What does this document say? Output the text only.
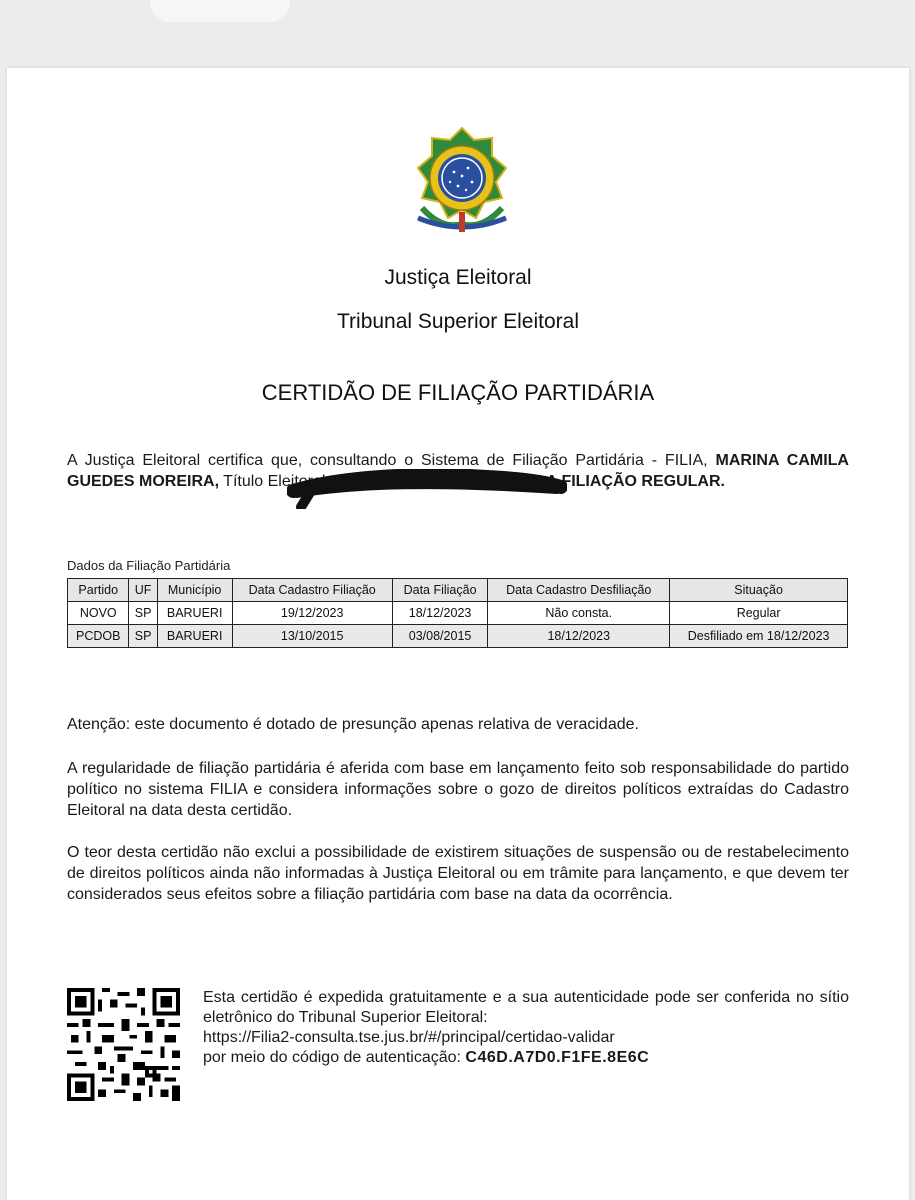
Justiça Eleitoral
Tribunal Superior Eleitoral
CERTIDÃO DE FILIAÇÃO PARTIDÁRIA
A Justiça Eleitoral certifica que, consultando o Sistema de Filiação Partidária - FILIA, MARINA CAMILA GUEDES MOREIRA, Título Eleitoral: 3304 6369 0116, ESTÁ COM A FILIAÇÃO REGULAR.
Dados da Filiação Partidária
Partido	UF	Município	Data Cadastro Filiação	Data Filiação	Data Cadastro Desfiliação	Situação
NOVO	SP	BARUERI	19/12/2023	18/12/2023	Não consta.	Regular
PCDOB	SP	BARUERI	13/10/2015	03/08/2015	18/12/2023	Desfiliado em 18/12/2023
Atenção: este documento é dotado de presunção apenas relativa de veracidade.
A regularidade de filiação partidária é aferida com base em lançamento feito sob responsabilidade do partido político no sistema FILIA e considera informações sobre o gozo de direitos políticos extraídas do Cadastro Eleitoral na data desta certidão.
O teor desta certidão não exclui a possibilidade de existirem situações de suspensão ou de restabelecimento de direitos políticos ainda não informadas à Justiça Eleitoral ou em trâmite para lançamento, e que devem ter considerados seus efeitos sobre a filiação partidária com base na data da ocorrência.
Esta certidão é expedida gratuitamente e a sua autenticidade pode ser conferida no sítio eletrônico do Tribunal Superior Eleitoral:
https://Filia2-consulta.tse.jus.br/#/principal/certidao-validar
por meio do código de autenticação: C46D.A7D0.F1FE.8E6C
